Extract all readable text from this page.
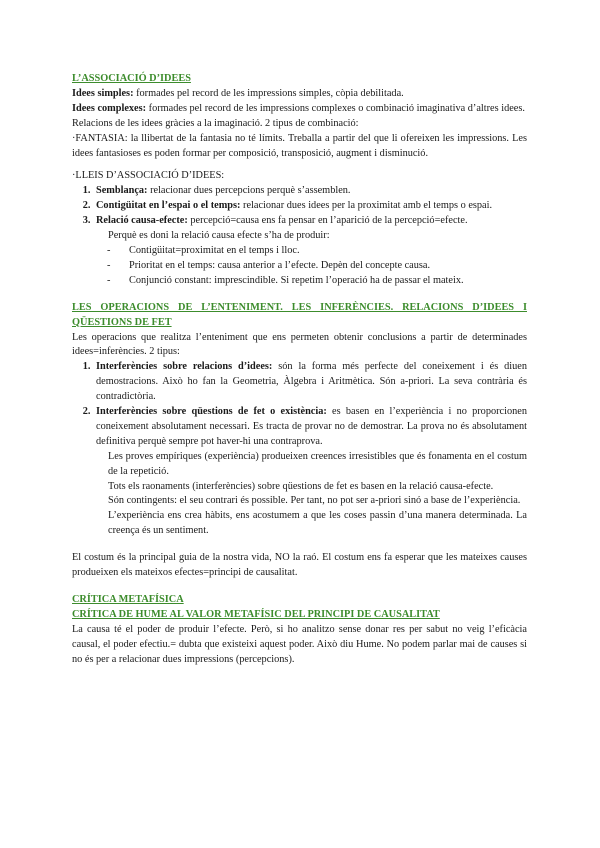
L’ASSOCIACIÓ D’IDEES

Idees simples: formades pel record de les impressions simples, còpia debilitada.

Idees complexes: formades pel record de les impressions complexes o combinació imaginativa d’altres idees.

Relacions de les idees gràcies a la imaginació. 2 tipus de combinació:

·FANTASIA: la llibertat de la fantasia no té límits. Treballa a partir del que li ofereixen les impressions. Les idees fantasioses es poden formar per composició, transposició, augment i disminució.

·LLEIS D’ASSOCIACIÓ D’IDEES:

1. Semblança: relacionar dues percepcions perquè s’assemblen.
2. Contigüitat en l’espai o el temps: relacionar dues idees per la proximitat amb el temps o espai.
3. Relació causa-efecte: percepció=causa ens fa pensar en l’aparició de la percepció=efecte.

Perquè es doni la relació causa efecte s’ha de produir:

- Contigüitat=proximitat en el temps i lloc.
- Prioritat en el temps: causa anterior a l’efecte. Depèn del concepte causa.
- Conjunció constant: imprescindible. Si repetim l’operació ha de passar el mateix.

LES OPERACIONS DE L’ENTENIMENT. LES INFERÈNCIES. RELACIONS D’IDEES I QÜESTIONS DE FET

Les operacions que realitza l’enteniment que ens permeten obtenir conclusions a partir de determinades idees=inferències. 2 tipus:

1. Interferències sobre relacions d’idees: són la forma més perfecte del coneixement i és diuen demostracions. Això ho fan la Geometria, Àlgebra i Aritmètica. Són a-priori. La seva contrària és contradictòria.
2. Interferències sobre qüestions de fet o existència: es basen en l’experiència i no proporcionen coneixement absolutament necessari. Es tracta de provar no de demostrar. La prova no és absolutament definitiva perquè sempre pot haver-hi una contraprova.

Les proves empíriques (experiència) produeixen creences irresistibles que és fonamenta en el costum de la repetició.

Tots els raonaments (interferències) sobre qüestions de fet es basen en la relació causa-efecte.

Són contingents: el seu contrari és possible. Per tant, no pot ser a-priori sinó a base de l’experiència.

L’experiència ens crea hàbits, ens acostumem a que les coses passin d’una manera determinada. La creença és un sentiment.

El costum és la principal guia de la nostra vida, NO la raó. El costum ens fa esperar que les mateixes causes produeixen els mateixos efectes=principi de causalitat.

CRÍTICA METAFÍSICA

CRÍTICA DE HUME AL VALOR METAFÍSIC DEL PRINCIPI DE CAUSALITAT

La causa té el poder de produir l’efecte. Però, si ho analitzo sense donar res per sabut no veig l’eficàcia causal, el poder efectiu.= dubta que existeixi aquest poder. Això diu Hume. No podem parlar mai de causes si no és per a relacionar dues impressions (percepcions).
